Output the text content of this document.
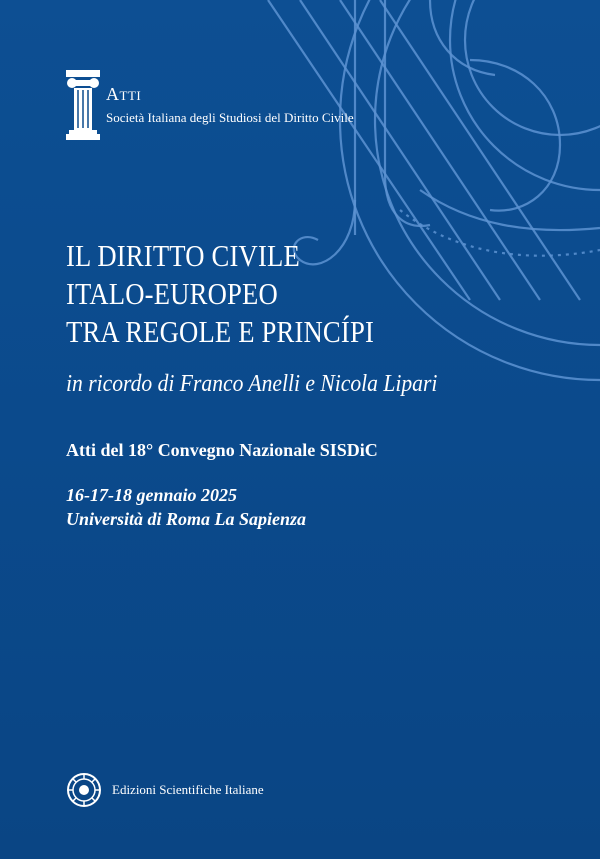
Atti
Società Italiana degli Studiosi del Diritto Civile
IL DIRITTO CIVILE
ITALO-EUROPEO
TRA REGOLE E PRINCÍPI
in ricordo di Franco Anelli e Nicola Lipari
Atti del 18° Convegno Nazionale SISDiC
16-17-18 gennaio 2025
Università di Roma La Sapienza
Edizioni Scientifiche Italiane
